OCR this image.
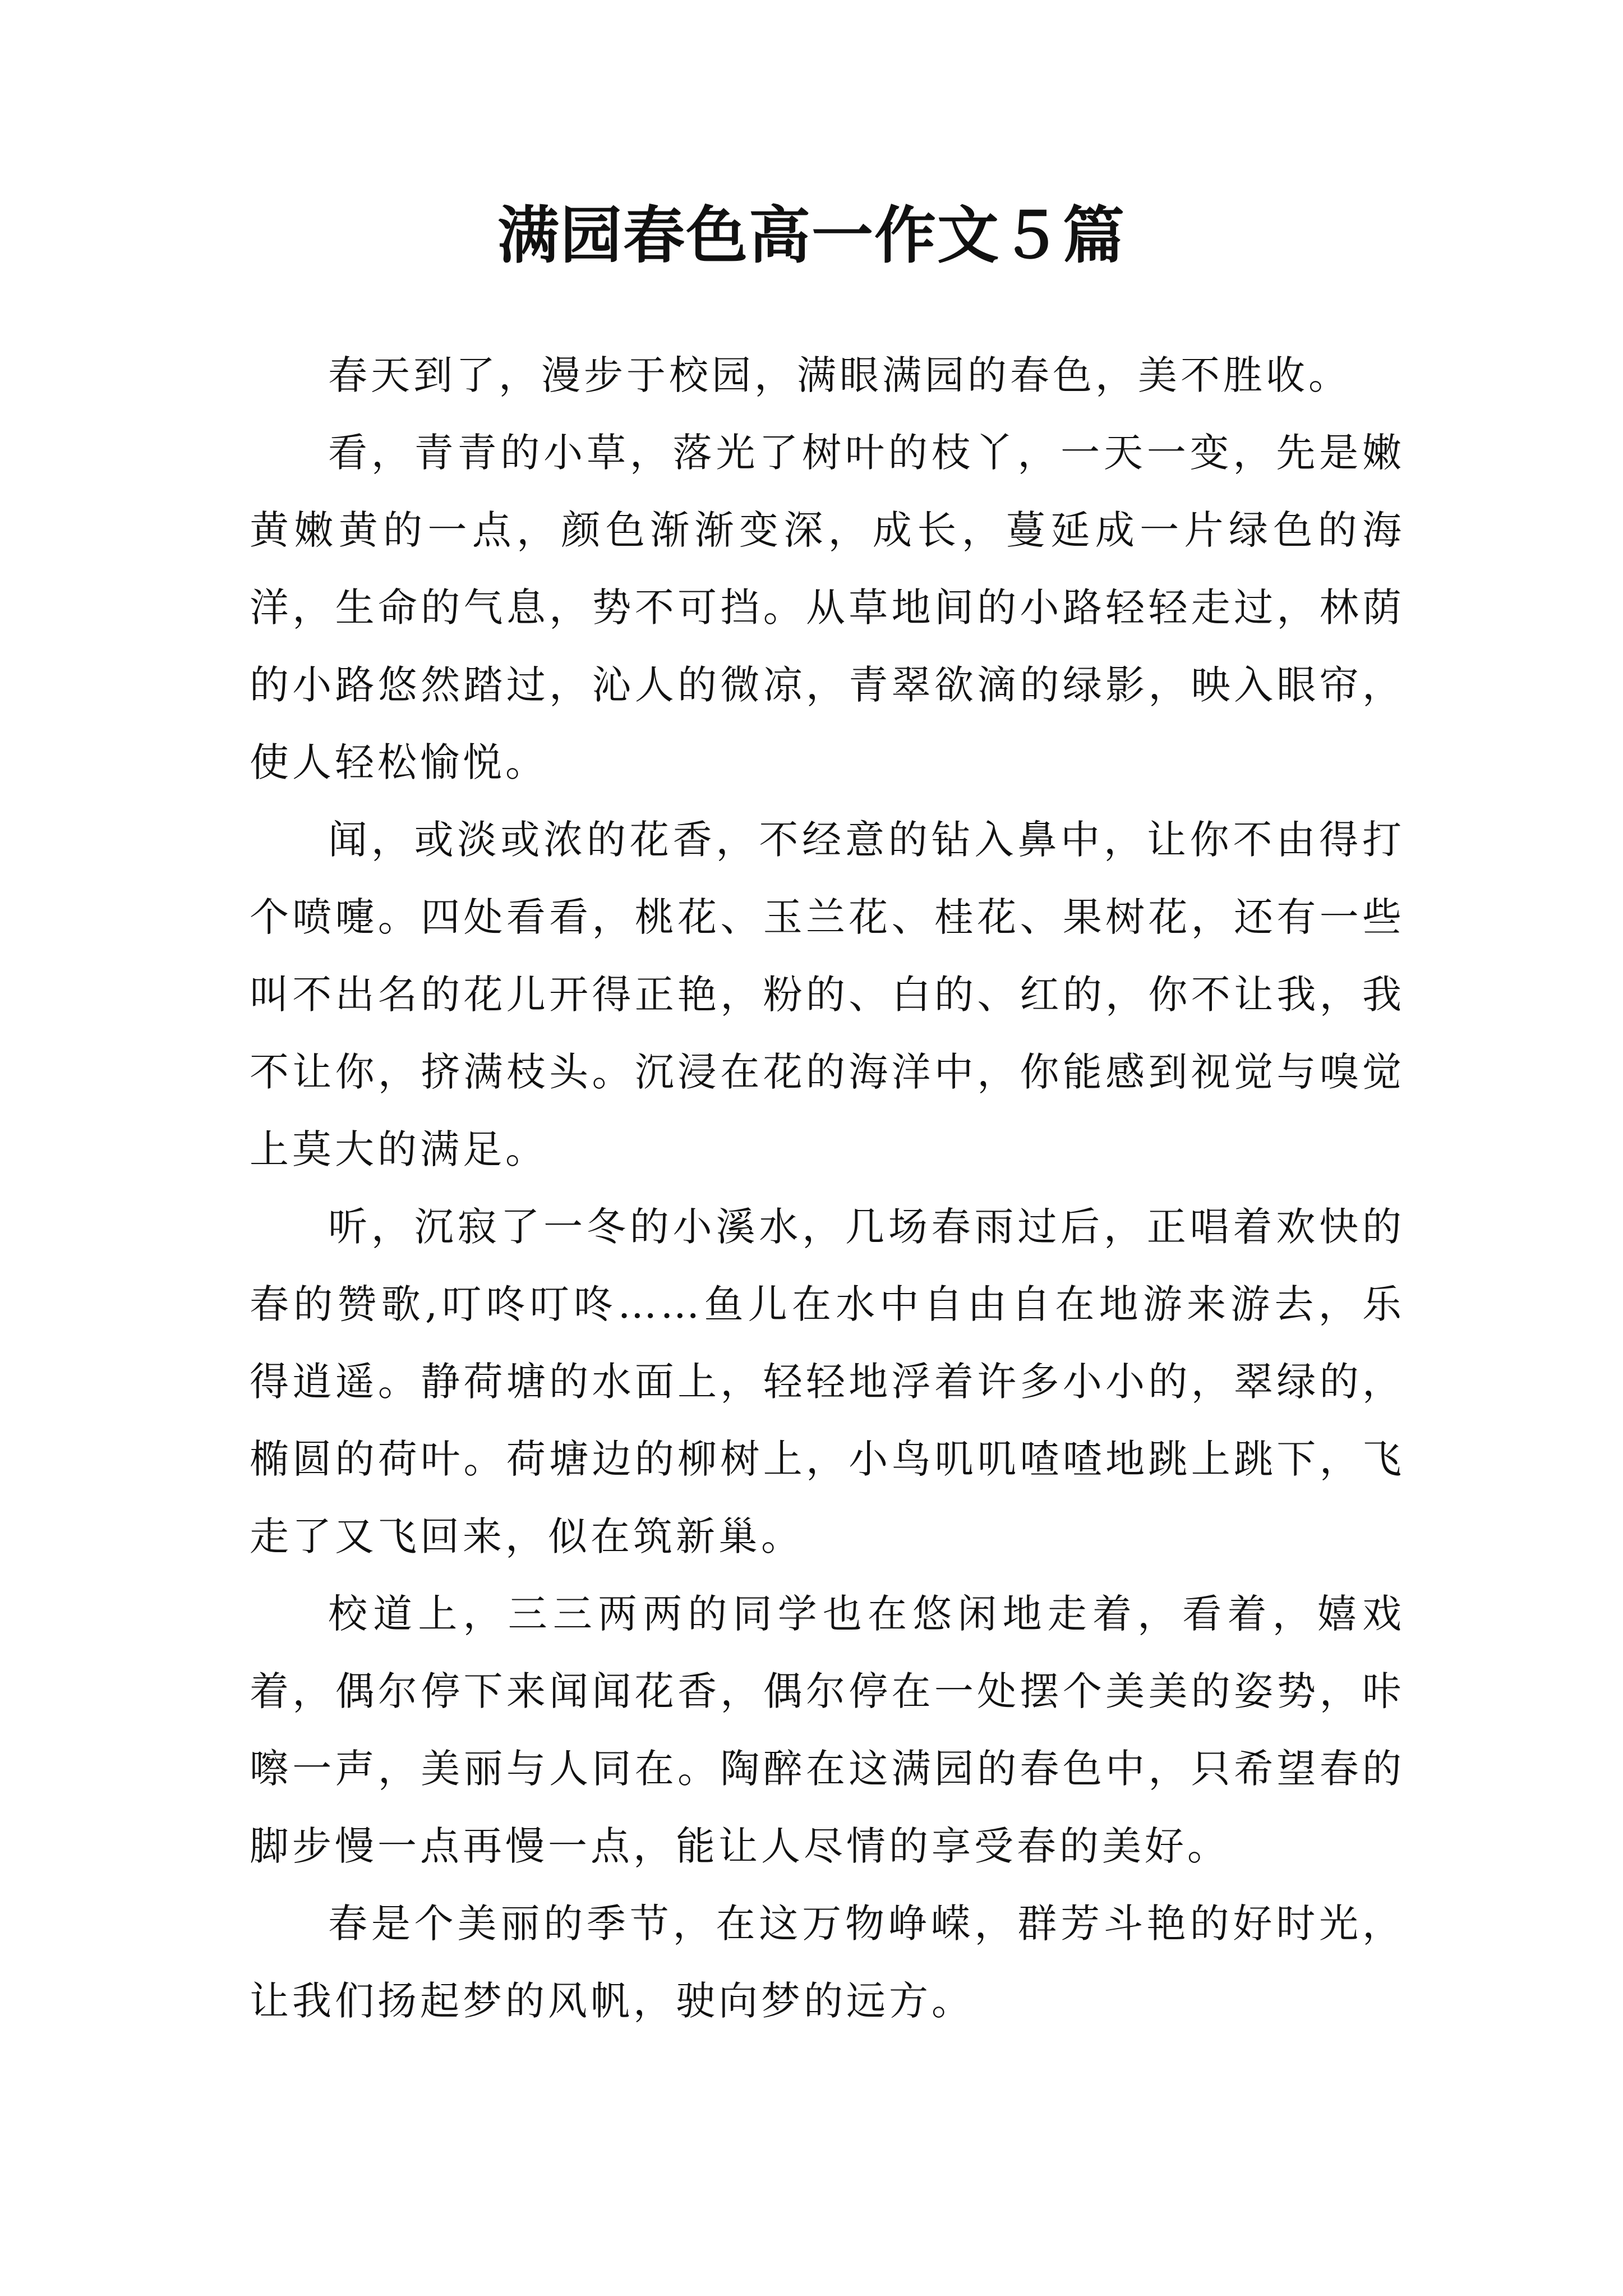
满园春色高一作文５篇

春天到了，漫步于校园，满眼满园的春色，美不胜收。

看，青青的小草，落光了树叶的枝丫，一天一变，先是嫩黄嫩黄的一点，颜色渐渐变深，成长，蔓延成一片绿色的海洋，生命的气息，势不可挡。从草地间的小路轻轻走过，林荫的小路悠然踏过，沁人的微凉，青翠欲滴的绿影，映入眼帘，使人轻松愉悦。

闻，或淡或浓的花香，不经意的钻入鼻中，让你不由得打个喷嚏。四处看看，桃花、玉兰花、桂花、果树花，还有一些叫不出名的花儿开得正艳，粉的、白的、红的，你不让我，我不让你，挤满枝头。沉浸在花的海洋中，你能感到视觉与嗅觉上莫大的满足。

听，沉寂了一冬的小溪水，几场春雨过后，正唱着欢快的春的赞歌,叮咚叮咚……鱼儿在水中自由自在地游来游去，乐得逍遥。静荷塘的水面上，轻轻地浮着许多小小的，翠绿的，椭圆的荷叶。荷塘边的柳树上，小鸟叽叽喳喳地跳上跳下，飞走了又飞回来，似在筑新巢。

校道上，三三两两的同学也在悠闲地走着，看着，嬉戏着，偶尔停下来闻闻花香，偶尔停在一处摆个美美的姿势，咔嚓一声，美丽与人同在。陶醉在这满园的春色中，只希望春的脚步慢一点再慢一点，能让人尽情的享受春的美好。

春是个美丽的季节，在这万物峥嵘，群芳斗艳的好时光，让我们扬起梦的风帆，驶向梦的远方。
